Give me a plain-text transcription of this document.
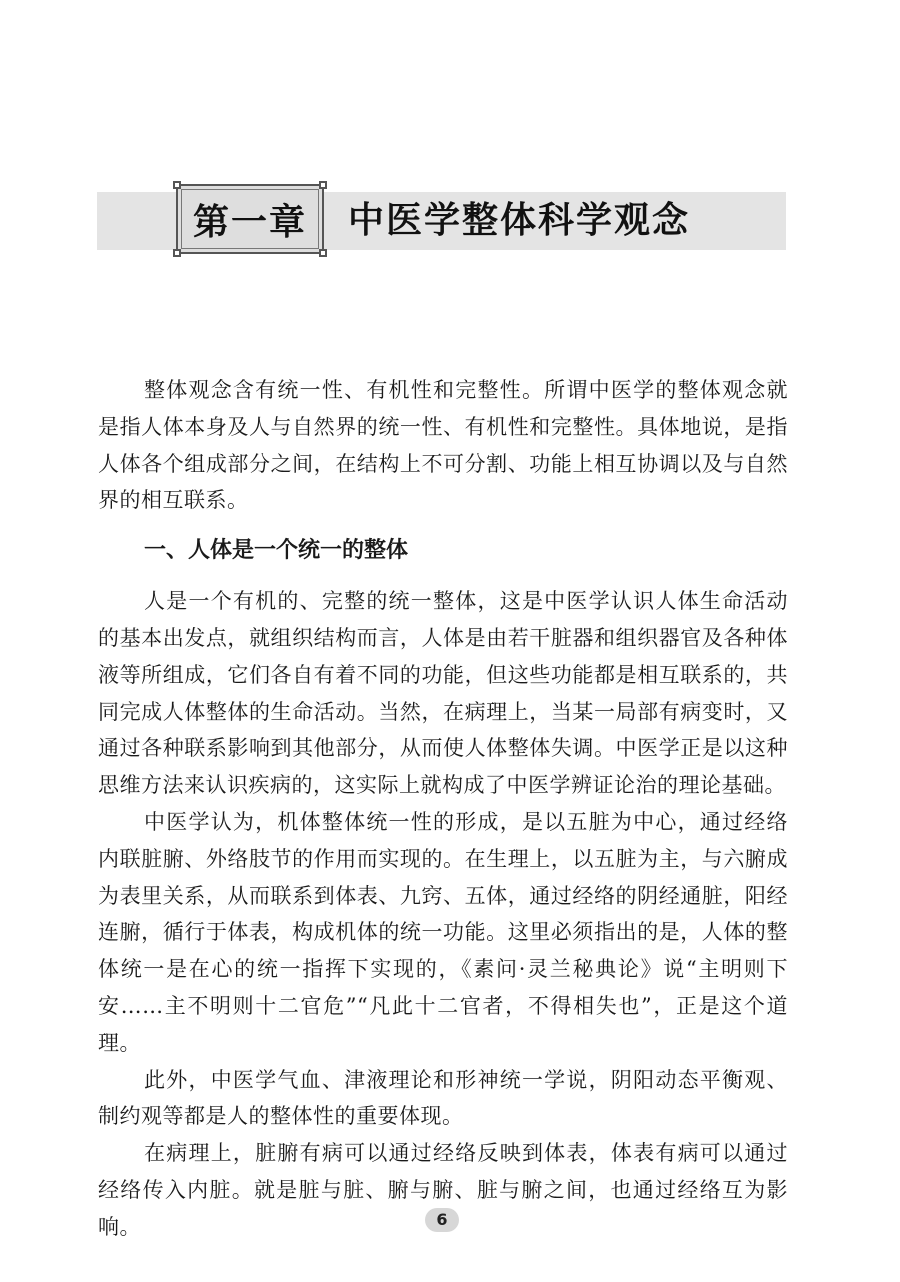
第一章 中医学整体科学观念

整体观念含有统一性、有机性和完整性。所谓中医学的整体观念就是指人体本身及人与自然界的统一性、有机性和完整性。具体地说，是指人体各个组成部分之间，在结构上不可分割、功能上相互协调以及与自然界的相互联系。

一、人体是一个统一的整体

人是一个有机的、完整的统一整体，这是中医学认识人体生命活动的基本出发点，就组织结构而言，人体是由若干脏器和组织器官及各种体液等所组成，它们各自有着不同的功能，但这些功能都是相互联系的，共同完成人体整体的生命活动。当然，在病理上，当某一局部有病变时，又通过各种联系影响到其他部分，从而使人体整体失调。中医学正是以这种思维方法来认识疾病的，这实际上就构成了中医学辨证论治的理论基础。

中医学认为，机体整体统一性的形成，是以五脏为中心，通过经络内联脏腑、外络肢节的作用而实现的。在生理上，以五脏为主，与六腑成为表里关系，从而联系到体表、九窍、五体，通过经络的阴经通脏，阳经连腑，循行于体表，构成机体的统一功能。这里必须指出的是，人体的整体统一是在心的统一指挥下实现的，《素问·灵兰秘典论》说“主明则下安……主不明则十二官危”“凡此十二官者，不得相失也”，正是这个道理。

此外，中医学气血、津液理论和形神统一学说，阴阳动态平衡观、制约观等都是人的整体性的重要体现。

在病理上，脏腑有病可以通过经络反映到体表，体表有病可以通过经络传入内脏。就是脏与脏、腑与腑、脏与腑之间，也通过经络互为影响。	6
